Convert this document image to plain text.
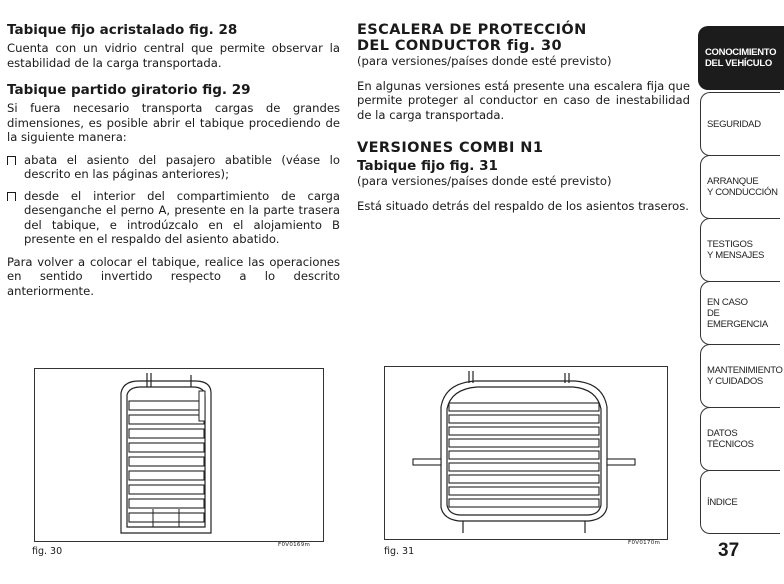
Tabique fijo acristalado fig. 28

Cuenta con un vidrio central que permite observar la estabilidad de la carga transportada.

Tabique partido giratorio fig. 29

Si fuera necesario transporta cargas de grandes dimensiones, es posible abrir el tabique procediendo de la siguiente manera:

abata el asiento del pasajero abatible (véase lo descrito en las páginas anteriores);
desde el interior del compartimiento de carga desenganche el perno A, presente en la parte trasera del tabique, e introdúzcalo en el alojamiento B presente en el respaldo del asiento abatido.

Para volver a colocar el tabique, realice las operaciones en sentido invertido respecto a lo descrito anteriormente.

ESCALERA DE PROTECCIÓN
DEL CONDUCTOR fig. 30
(para versiones/países donde esté previsto)

En algunas versiones está presente una escalera fija que permite proteger al conductor en caso de inestabilidad de la carga transportada.

VERSIONES COMBI N1
Tabique fijo fig. 31
(para versiones/países donde esté previsto)

Está situado detrás del respaldo de los asientos traseros.

fig. 30
F0V0169m
fig. 31
F0V0170m
CONOCIMIENTO
DEL VEHÍCULO
SEGURIDAD
ARRANQUE
Y CONDUCCIÓN
TESTIGOS
Y MENSAJES
EN CASO
DE EMERGENCIA
MANTENIMIENTO
Y CUIDADOS
DATOS TÉCNICOS
ÍNDICE
37
